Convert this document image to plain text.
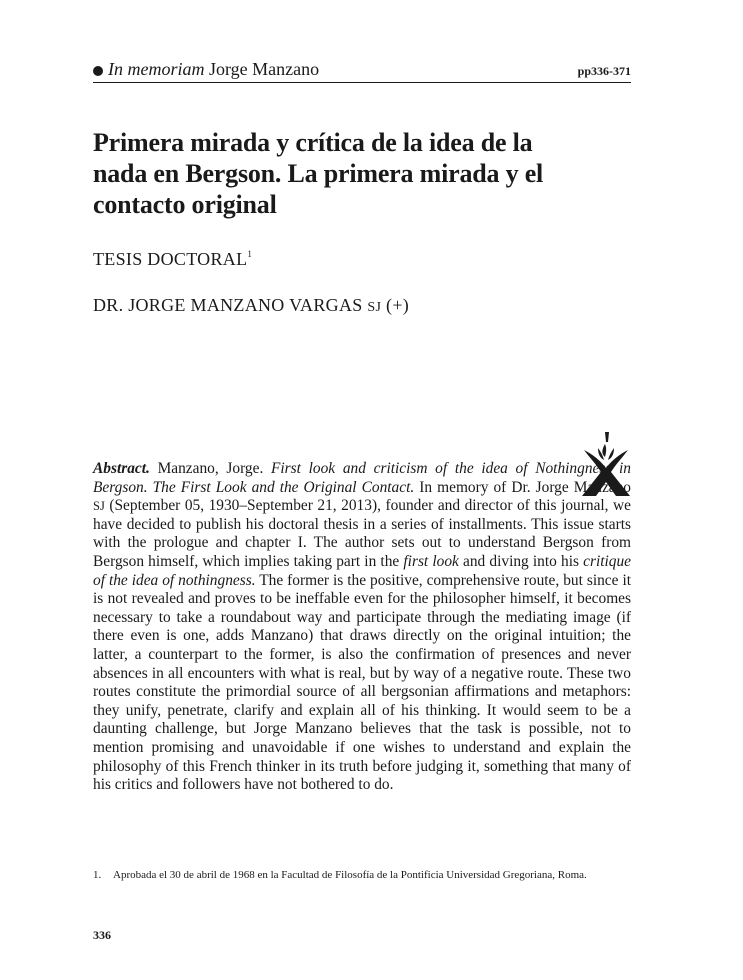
In memoriam Jorge Manzano	pp336-371
Primera mirada y crítica de la idea de la nada en Bergson. La primera mirada y el contacto original
TESIS DOCTORAL$^1$
DR. JORGE MANZANO VARGAS SJ (+)

Abstract. Manzano, Jorge. First look and criticism of the idea of Nothingness in Bergson. The First Look and the Original Contact. In memory of Dr. Jorge Manzano SJ (September 05, 1930–September 21, 2013), founder and director of this journal, we have decided to publish his doctoral thesis in a series of installments. This issue starts with the prologue and chapter I. The author sets out to understand Bergson from Bergson himself, which implies taking part in the first look and diving into his critique of the idea of nothingness. The former is the positive, comprehensive route, but since it is not revealed and proves to be ineffable even for the philosopher himself, it becomes necessary to take a roundabout way and participate through the mediating image (if there even is one, adds Manzano) that draws directly on the original intuition; the latter, a counterpart to the former, is also the confirmation of presences and never absences in all encounters with what is real, but by way of a negative route. These two routes constitute the primordial source of all bergsonian affirmations and metaphors: they unify, penetrate, clarify and explain all of his thinking. It would seem to be a daunting challenge, but Jorge Manzano believes that the task is possible, not to mention promising and unavoidable if one wishes to understand and explain the philosophy of this French thinker in its truth before judging it, something that many of his critics and followers have not bothered to do.

1. Aprobada el 30 de abril de 1968 en la Facultad de Filosofía de la Pontificia Universidad Gregoriana, Roma.
336
